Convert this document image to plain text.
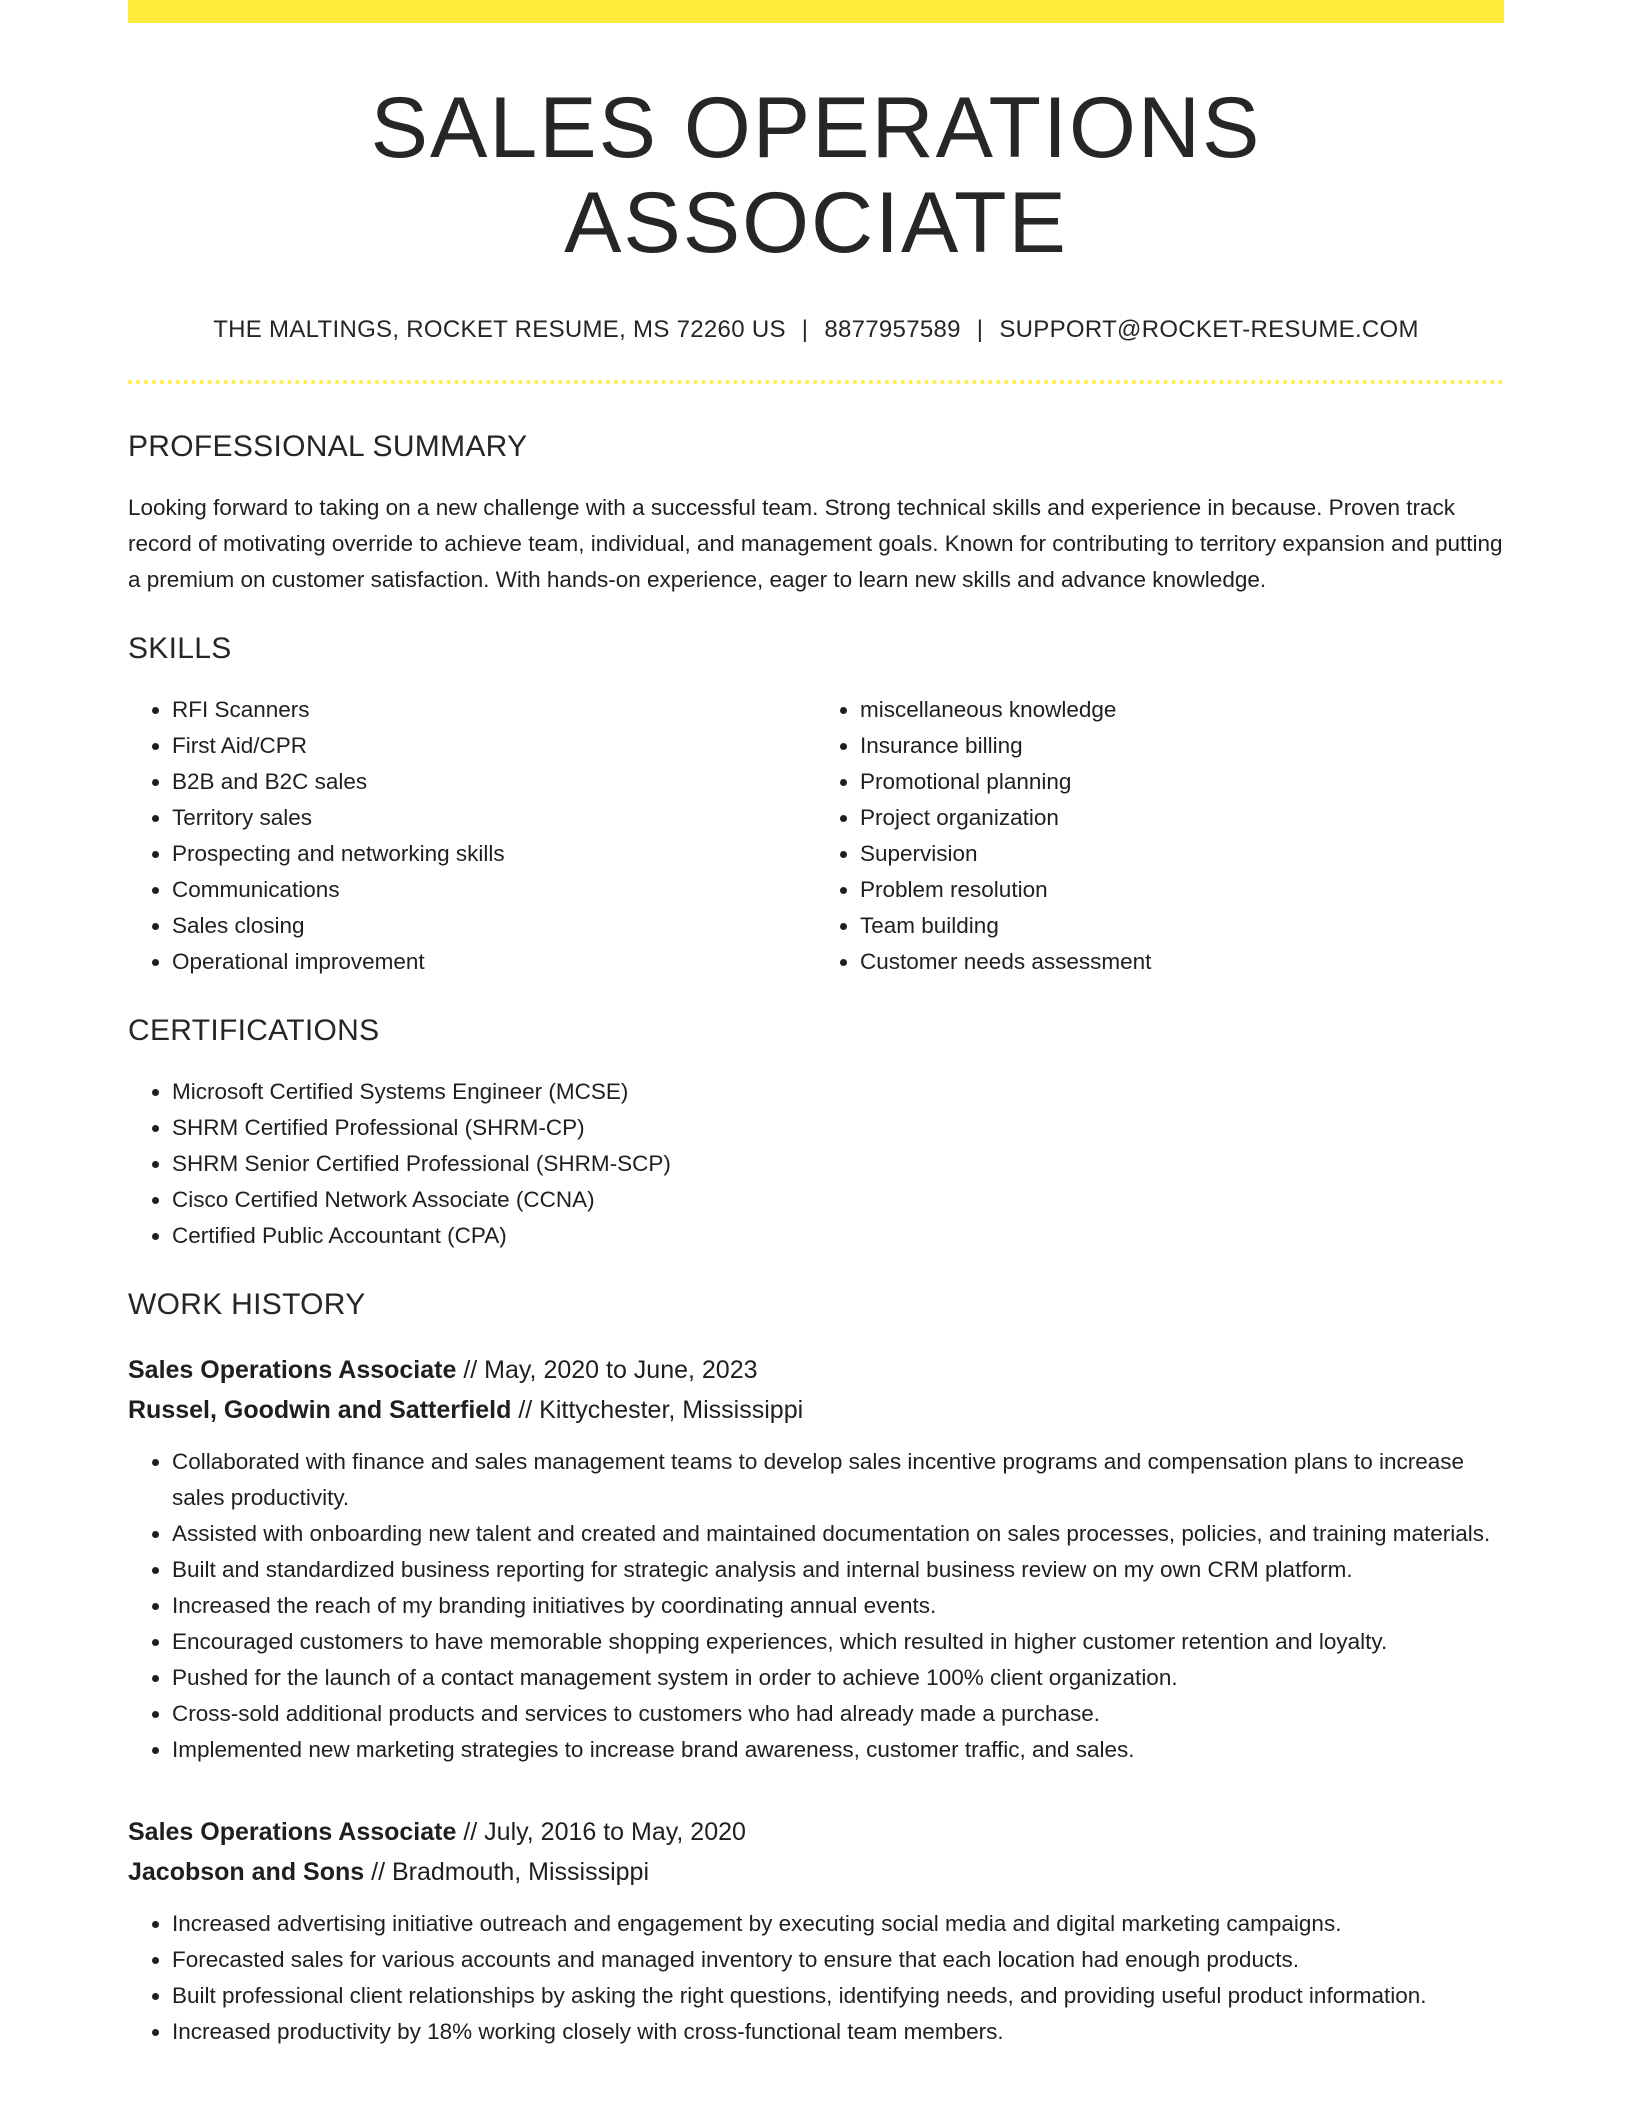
SALES OPERATIONS ASSOCIATE
THE MALTINGS, ROCKET RESUME, MS 72260 US | 8877957589 | SUPPORT@ROCKET-RESUME.COM
PROFESSIONAL SUMMARY

Looking forward to taking on a new challenge with a successful team. Strong technical skills and experience in because. Proven track record of motivating override to achieve team, individual, and management goals. Known for contributing to territory expansion and putting a premium on customer satisfaction. With hands-on experience, eager to learn new skills and advance knowledge.

SKILLS
• RFI Scanners
• First Aid/CPR
• B2B and B2C sales
• Territory sales
• Prospecting and networking skills
• Communications
• Sales closing
• Operational improvement
• miscellaneous knowledge
• Insurance billing
• Promotional planning
• Project organization
• Supervision
• Problem resolution
• Team building
• Customer needs assessment
CERTIFICATIONS
• Microsoft Certified Systems Engineer (MCSE)
• SHRM Certified Professional (SHRM-CP)
• SHRM Senior Certified Professional (SHRM-SCP)
• Cisco Certified Network Associate (CCNA)
• Certified Public Accountant (CPA)
WORK HISTORY
Sales Operations Associate // May, 2020 to June, 2023
Russel, Goodwin and Satterfield // Kittychester, Mississippi
• Collaborated with finance and sales management teams to develop sales incentive programs and compensation plans to increase sales productivity.
• Assisted with onboarding new talent and created and maintained documentation on sales processes, policies, and training materials.
• Built and standardized business reporting for strategic analysis and internal business review on my own CRM platform.
• Increased the reach of my branding initiatives by coordinating annual events.
• Encouraged customers to have memorable shopping experiences, which resulted in higher customer retention and loyalty.
• Pushed for the launch of a contact management system in order to achieve 100% client organization.
• Cross-sold additional products and services to customers who had already made a purchase.
• Implemented new marketing strategies to increase brand awareness, customer traffic, and sales.
Sales Operations Associate // July, 2016 to May, 2020
Jacobson and Sons // Bradmouth, Mississippi
• Increased advertising initiative outreach and engagement by executing social media and digital marketing campaigns.
• Forecasted sales for various accounts and managed inventory to ensure that each location had enough products.
• Built professional client relationships by asking the right questions, identifying needs, and providing useful product information.
• Increased productivity by 18% working closely with cross-functional team members.
